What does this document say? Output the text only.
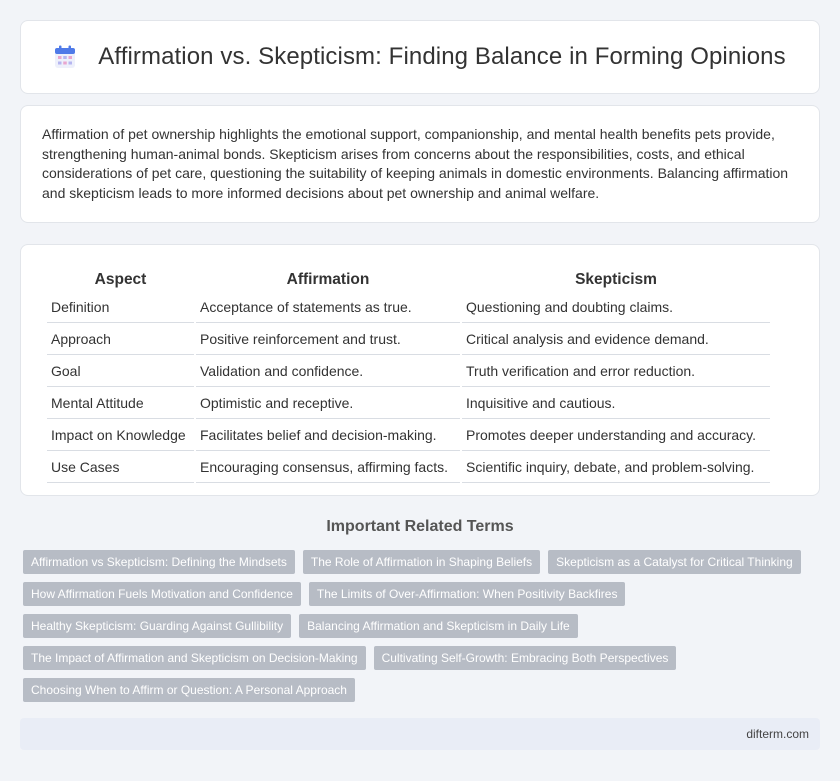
Affirmation vs. Skepticism: Finding Balance in Forming Opinions

Affirmation of pet ownership highlights the emotional support, companionship, and mental health benefits pets provide, strengthening human-animal bonds. Skepticism arises from concerns about the responsibilities, costs, and ethical considerations of pet care, questioning the suitability of keeping animals in domestic environments. Balancing affirmation and skepticism leads to more informed decisions about pet ownership and animal welfare.

Aspect	Affirmation	Skepticism
Definition	Acceptance of statements as true.	Questioning and doubting claims.
Approach	Positive reinforcement and trust.	Critical analysis and evidence demand.
Goal	Validation and confidence.	Truth verification and error reduction.
Mental Attitude	Optimistic and receptive.	Inquisitive and cautious.
Impact on Knowledge	Facilitates belief and decision-making.	Promotes deeper understanding and accuracy.
Use Cases	Encouraging consensus, affirming facts.	Scientific inquiry, debate, and problem-solving.
Important Related Terms
Affirmation vs Skepticism: Defining the Mindsets	The Role of Affirmation in Shaping Beliefs	Skepticism as a Catalyst for Critical Thinking
How Affirmation Fuels Motivation and Confidence	The Limits of Over-Affirmation: When Positivity Backfires
Healthy Skepticism: Guarding Against Gullibility	Balancing Affirmation and Skepticism in Daily Life
The Impact of Affirmation and Skepticism on Decision-Making	Cultivating Self-Growth: Embracing Both Perspectives
Choosing When to Affirm or Question: A Personal Approach
difterm.com
